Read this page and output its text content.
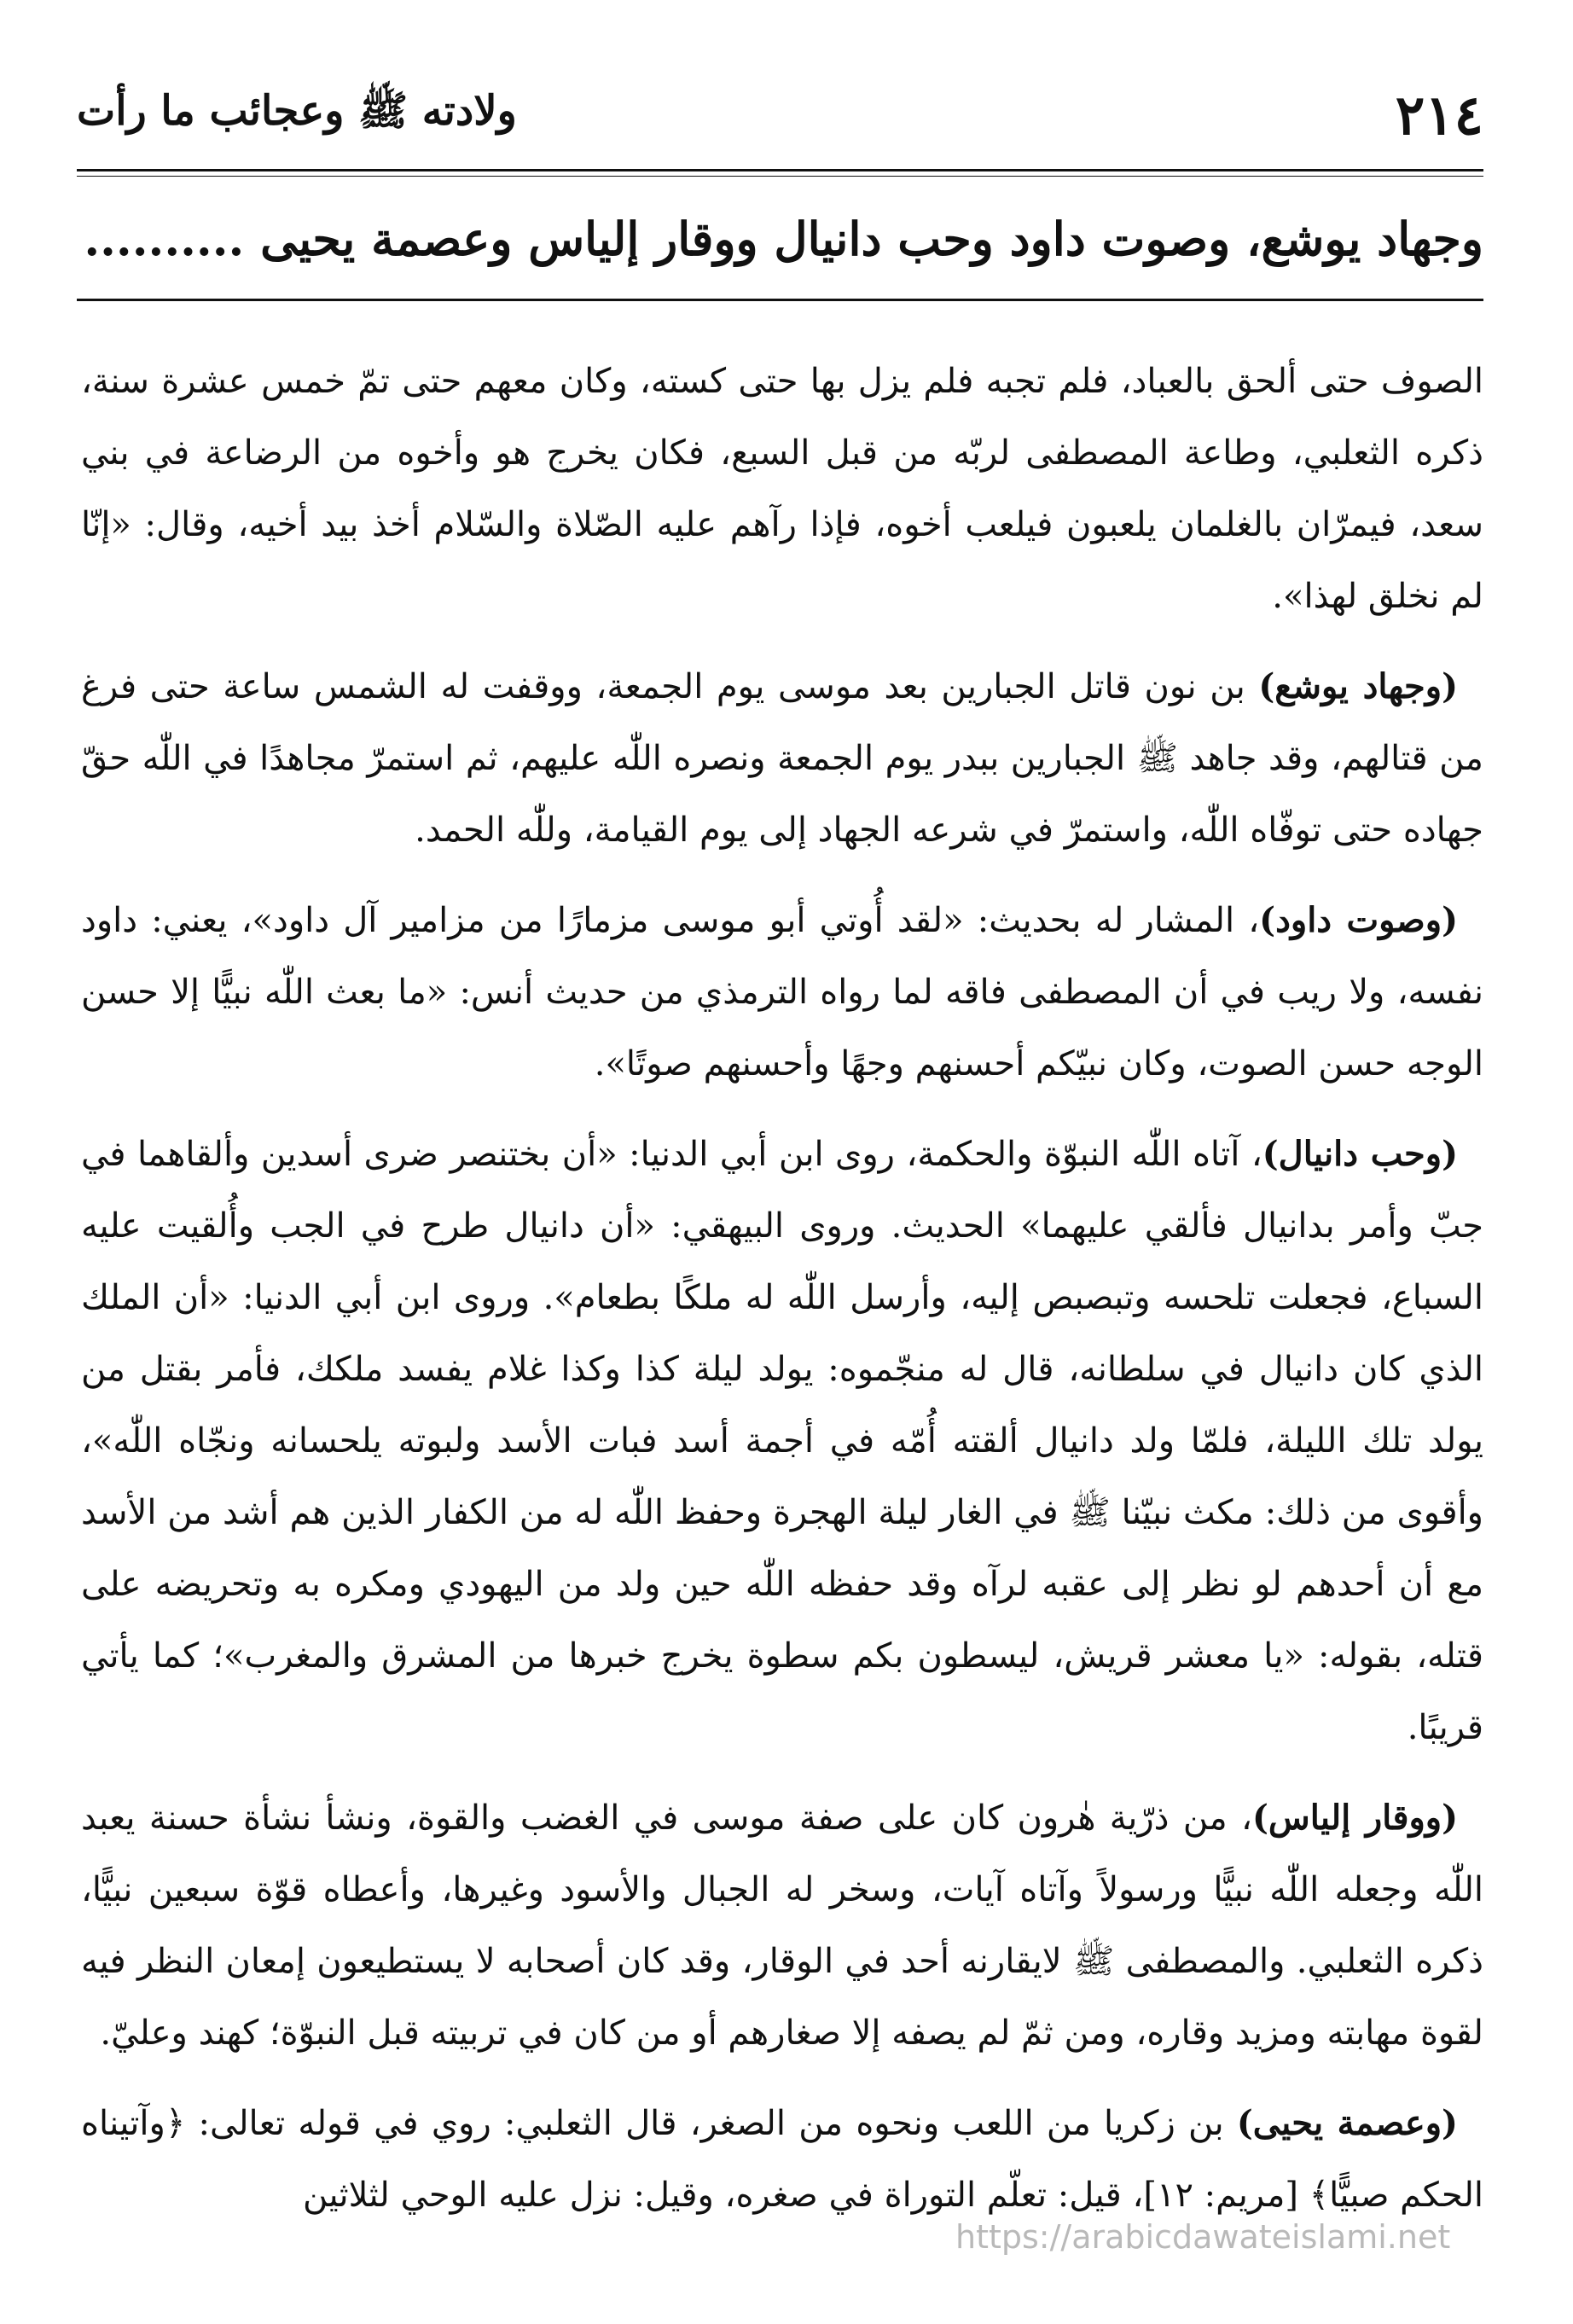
٢١٤
ولادته ﷺ وعجائب ما رأت
وجهاد يوشع، وصوت داود وحب دانيال ووقار إلياس وعصمة يحيى ..........

الصوف حتى ألحق بالعباد، فلم تجبه فلم يزل بها حتى كسته، وكان معهم حتى تمّ خمس عشرة سنة، ذكره الثعلبي، وطاعة المصطفى لربّه من قبل السبع، فكان يخرج هو وأخوه من الرضاعة في بني سعد، فيمرّان بالغلمان يلعبون فيلعب أخوه، فإذا رآهم عليه الصّلاة والسّلام أخذ بيد أخيه، وقال: «إنّا لم نخلق لهذا».

(وجهاد يوشع) بن نون قاتل الجبارين بعد موسى يوم الجمعة، ووقفت له الشمس ساعة حتى فرغ من قتالهم، وقد جاهد ﷺ الجبارين ببدر يوم الجمعة ونصره اللّٰه عليهم، ثم استمرّ مجاهدًا في اللّٰه حقّ جهاده حتى توفّاه اللّٰه، واستمرّ في شرعه الجهاد إلى يوم القيامة، وللّٰه الحمد.

(وصوت داود)، المشار له بحديث: «لقد أُوتي أبو موسى مزمارًا من مزامير آل داود»، يعني: داود نفسه، ولا ريب في أن المصطفى فاقه لما رواه الترمذي من حديث أنس: «ما بعث اللّٰه نبيًّا إلا حسن الوجه حسن الصوت، وكان نبيّكم أحسنهم وجهًا وأحسنهم صوتًا».

(وحب دانيال)، آتاه اللّٰه النبوّة والحكمة، روى ابن أبي الدنيا: «أن بختنصر ضرى أسدين وألقاهما في جبّ وأمر بدانيال فألقي عليهما» الحديث. وروى البيهقي: «أن دانيال طرح في الجب وأُلقيت عليه السباع، فجعلت تلحسه وتبصبص إليه، وأرسل اللّٰه له ملكًا بطعام». وروى ابن أبي الدنيا: «أن الملك الذي كان دانيال في سلطانه، قال له منجّموه: يولد ليلة كذا وكذا غلام يفسد ملكك، فأمر بقتل من يولد تلك الليلة، فلمّا ولد دانيال ألقته أُمّه في أجمة أسد فبات الأسد ولبوته يلحسانه ونجّاه اللّٰه»، وأقوى من ذلك: مكث نبيّنا ﷺ في الغار ليلة الهجرة وحفظ اللّٰه له من الكفار الذين هم أشد من الأسد مع أن أحدهم لو نظر إلى عقبه لرآه وقد حفظه اللّٰه حين ولد من اليهودي ومكره به وتحريضه على قتله، بقوله: «يا معشر قريش، ليسطون بكم سطوة يخرج خبرها من المشرق والمغرب»؛ كما يأتي قريبًا.

(ووقار إلياس)، من ذرّية هٰرون كان على صفة موسى في الغضب والقوة، ونشأ نشأة حسنة يعبد اللّٰه وجعله اللّٰه نبيًّا ورسولاً وآتاه آيات، وسخر له الجبال والأسود وغيرها، وأعطاه قوّة سبعين نبيًّا، ذكره الثعلبي. والمصطفى ﷺ لايقارنه أحد في الوقار، وقد كان أصحابه لا يستطيعون إمعان النظر فيه لقوة مهابته ومزيد وقاره، ومن ثمّ لم يصفه إلا صغارهم أو من كان في تربيته قبل النبوّة؛ كهند وعليّ.

(وعصمة يحيى) بن زكريا من اللعب ونحوه من الصغر، قال الثعلبي: روي في قوله تعالى: ﴿وآتيناه الحكم صبيًّا﴾ [مريم: ١٢]، قيل: تعلّم التوراة في صغره، وقيل: نزل عليه الوحي لثلاثين

https://arabicdawateislami.net
